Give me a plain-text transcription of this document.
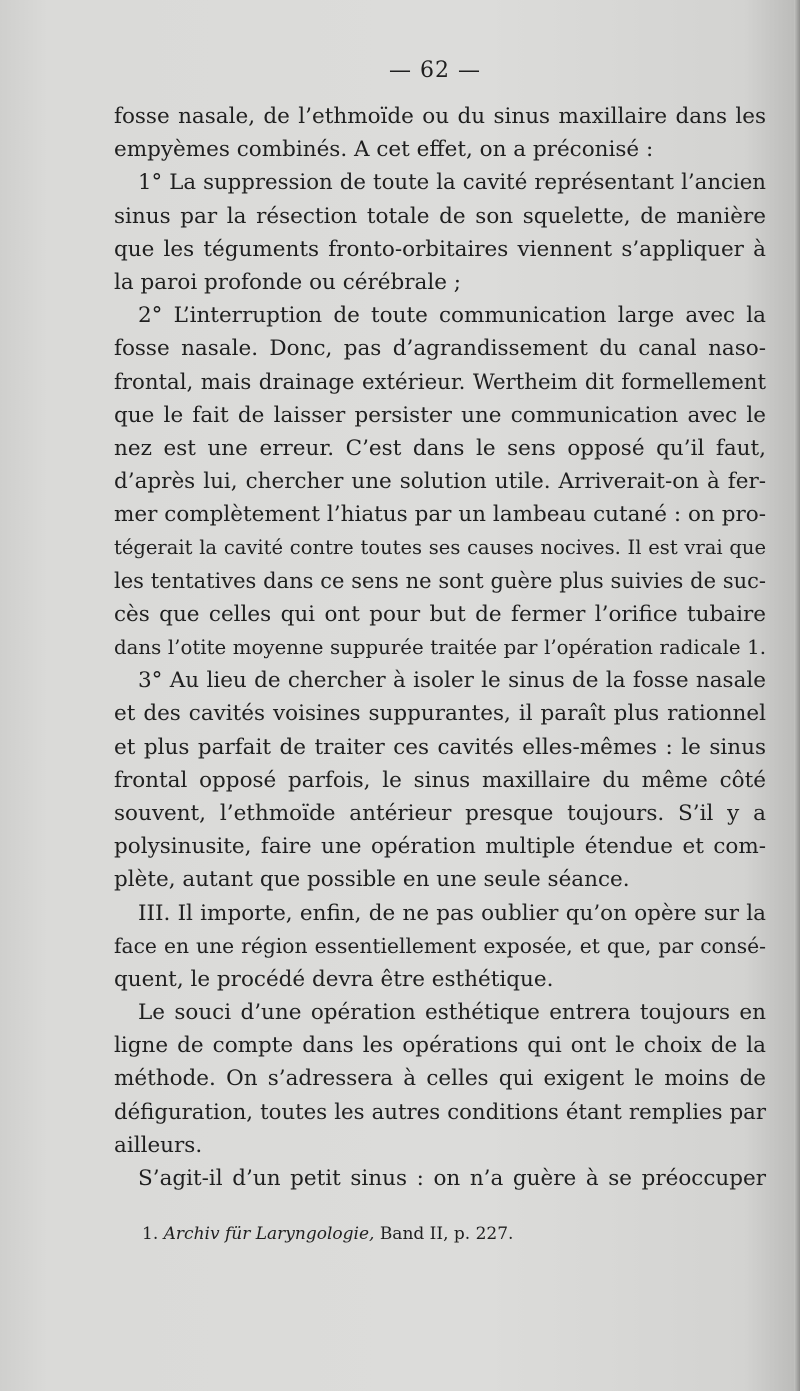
— 62 —
fosse nasale, de l’ethmoïde ou du sinus maxillaire dans les
empyèmes combinés. A cet effet, on a préconisé :
1° La suppression de toute la cavité représentant l’ancien
sinus par la résection totale de son squelette, de manière
que les téguments fronto-orbitaires viennent s’appliquer à
la paroi profonde ou cérébrale ;
2° L’interruption de toute communication large avec la
fosse nasale. Donc, pas d’agrandissement du canal naso-
frontal, mais drainage extérieur. Wertheim dit formellement
que le fait de laisser persister une communication avec le
nez est une erreur. C’est dans le sens opposé qu’il faut,
d’après lui, chercher une solution utile. Arriverait-on à fer-
mer complètement l’hiatus par un lambeau cutané : on pro-
tégerait la cavité contre toutes ses causes nocives. Il est vrai que
les tentatives dans ce sens ne sont guère plus suivies de suc-
cès que celles qui ont pour but de fermer l’orifice tubaire
dans l’otite moyenne suppurée traitée par l’opération radicale 1.
3° Au lieu de chercher à isoler le sinus de la fosse nasale
et des cavités voisines suppurantes, il paraît plus rationnel
et plus parfait de traiter ces cavités elles-mêmes : le sinus
frontal opposé parfois, le sinus maxillaire du même côté
souvent, l’ethmoïde antérieur presque toujours. S’il y a
polysinusite, faire une opération multiple étendue et com-
plète, autant que possible en une seule séance.
III. Il importe, enfin, de ne pas oublier qu’on opère sur la
face en une région essentiellement exposée, et que, par consé-
quent, le procédé devra être esthétique.
Le souci d’une opération esthétique entrera toujours en
ligne de compte dans les opérations qui ont le choix de la
méthode. On s’adressera à celles qui exigent le moins de
défiguration, toutes les autres conditions étant remplies par
ailleurs.
S’agit-il d’un petit sinus : on n’a guère à se préoccuper
1. Archiv für Laryngologie, Band II, p. 227.
